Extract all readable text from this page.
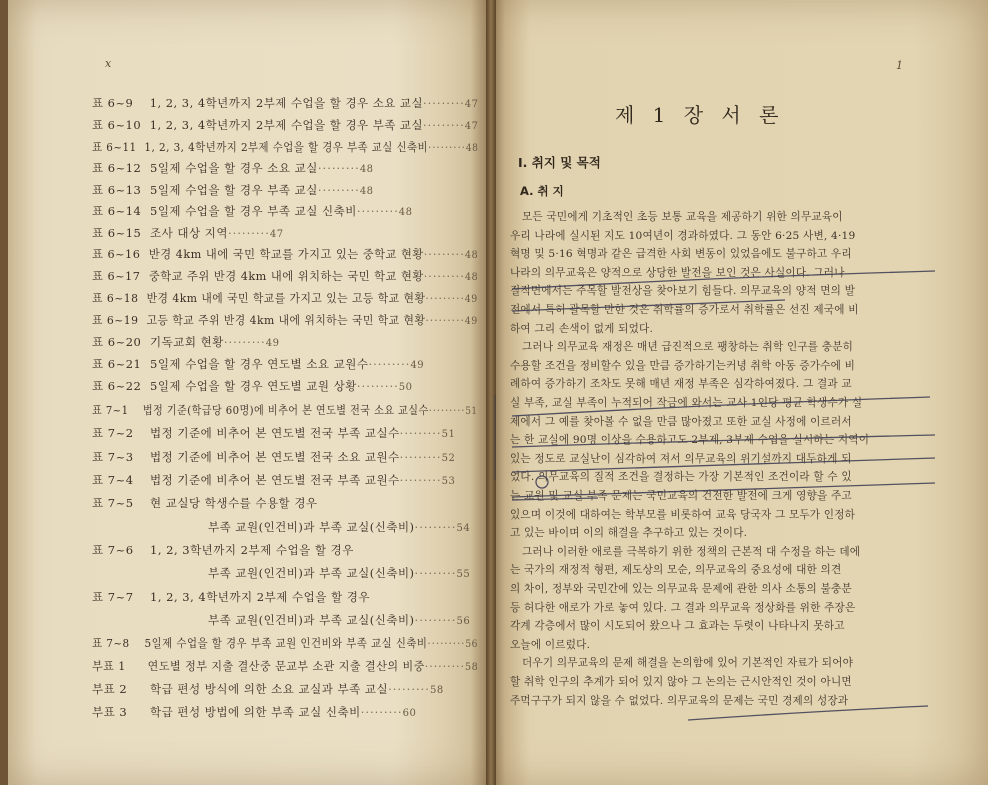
x
표 6~9 1, 2, 3, 4학년까지 2부제 수업을 할 경우 소요 교실·········47
표 6~10 1, 2, 3, 4학년까지 2부제 수업을 할 경우 부족 교실·········47
표 6~11 1, 2, 3, 4학년까지 2부제 수업을 할 경우 부족 교실 신축비·········48
표 6~12 5일제 수업을 할 경우 소요 교실·········48
표 6~13 5일제 수업을 할 경우 부족 교실·········48
표 6~14 5일제 수업을 할 경우 부족 교실 신축비·········48
표 6~15 조사 대상 지역·········47
표 6~16 반경 4km 내에 국민 학교를 가지고 있는 중학교 현황·········48
표 6~17 중학교 주위 반경 4km 내에 위치하는 국민 학교 현황·········48
표 6~18 반경 4km 내에 국민 학교를 가지고 있는 고등 학교 현황·········49
표 6~19 고등 학교 주위 반경 4km 내에 위치하는 국민 학교 현황·········49
표 6~20 기독교회 현황·········49
표 6~21 5일제 수업을 할 경우 연도별 소요 교원수·········49
표 6~22 5일제 수업을 할 경우 연도별 교원 상황·········50
표 7~1 법정 기준(학급당 60명)에 비추어 본 연도별 전국 소요 교실수·········51
표 7~2 법정 기준에 비추어 본 연도별 전국 부족 교실수·········51
표 7~3 법정 기준에 비추어 본 연도별 전국 소요 교원수·········52
표 7~4 법정 기준에 비추어 본 연도별 전국 부족 교원수·········53
표 7~5 현 교실당 학생수를 수용할 경우
부족 교원(인건비)과 부족 교실(신축비)·········54
표 7~6 1, 2, 3학년까지 2부제 수업을 할 경우
부족 교원(인건비)과 부족 교실(신축비)·········55
표 7~7 1, 2, 3, 4학년까지 2부제 수업을 할 경우
부족 교원(인건비)과 부족 교실(신축비)·········56
표 7~8 5일제 수업을 할 경우 부족 교원 인건비와 부족 교실 신축비·········56
부표 1 연도별 정부 지출 결산중 문교부 소관 지출 결산의 비중·········58
부표 2 학급 편성 방식에 의한 소요 교실과 부족 교실·········58
부표 3 학급 편성 방법에 의한 부족 교실 신축비·········60
1
제 1 장 서 론
I. 취지 및 목적
A. 취 지
모든 국민에게 기초적인 초등 보통 교육을 제공하기 위한 의무교육이
우리 나라에 실시된 지도 10여년이 경과하였다. 그 동안 6·25 사변, 4·19
혁명 및 5·16 혁명과 같은 급격한 사회 변동이 있었음에도 불구하고 우리
나라의 의무교육은 양적으로 상당한 발전을 보인 것은 사실이다. 그러나
질적면에서는 주목할 발전상을 찾아보기 힘들다. 의무교육의 양적 면의 발
전에서 특히 괄목할 만한 것은 취학률의 증가로서 취학률은 선진 제국에 비
하여 그리 손색이 없게 되었다.
그러나 의무교육 재정은 매년 급진적으로 팽창하는 취학 인구를 충분히
수용할 조건을 정비할수 있을 만큼 증가하기는커녕 취학 아동 증가수에 비
례하여 증가하기 조차도 못해 매년 재정 부족은 심각하여졌다. 그 결과 교
실 부족, 교실 부족이 누적되어 작금에 와서는 교사 1인당 평균 학생수가 실
제에서 그 예를 찾아볼 수 없을 만큼 많아졌고 또한 교실 사정에 이르러서
는 한 교실에 90명 이상을 수용하고도 2부제, 3부제 수업을 실시하는 지역이
있는 정도로 교실난이 심각하여 져서 의무교육의 위기설까지 대두하게 되
었다. 의무교육의 질적 조건을 결정하는 가장 기본적인 조건이라 할 수 있
는 교원 및 교실 부족 문제는 국민교육의 건전한 발전에 크게 영향을 주고
있으며 이것에 대하여는 학부모를 비롯하여 교육 당국자 그 모두가 인정하
고 있는 바이며 이의 해결을 추구하고 있는 것이다.
그러나 이러한 애로를 극복하기 위한 정책의 근본적 대 수정을 하는 데에
는 국가의 재정적 형편, 제도상의 모순, 의무교육의 중요성에 대한 의견
의 차이, 정부와 국민간에 있는 의무교육 문제에 관한 의사 소통의 불충분
등 허다한 애로가 가로 놓여 있다. 그 결과 의무교육 정상화를 위한 주장은
각계 각층에서 많이 시도되어 왔으나 그 효과는 두렷이 나타나지 못하고
오늘에 이르렀다.
더우기 의무교육의 문제 해결을 논의함에 있어 기본적인 자료가 되어야
할 취학 인구의 추계가 되어 있지 않아 그 논의는 근시안적인 것이 아니면
주먹구구가 되지 않을 수 없었다. 의무교육의 문제는 국민 경제의 성장과
